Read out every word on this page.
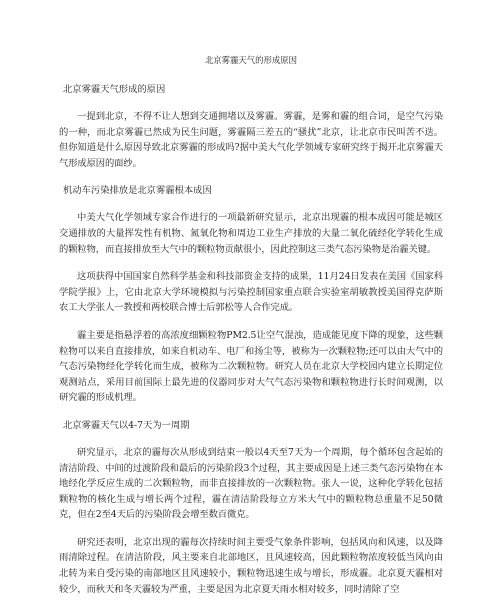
北京雾霾天气的形成原因
北京雾霾天气形成的原因

一提到北京，不得不让人想到交通拥堵以及雾霾。雾霾，是雾和霾的组合词，是空气污染的一种，而北京雾霾已然成为民生问题，雾霾隔三差五的“骚扰”北京，让北京市民叫苦不迭。但你知道是什么原因导致北京雾霾的形成吗?据中美大气化学领域专家研究终于揭开北京雾霾天气形成原因的面纱。

机动车污染排放是北京雾霾根本成因

中美大气化学领域专家合作进行的一项最新研究显示，北京出现霾的根本成因可能是城区交通排放的大量挥发性有机物、氮氧化物和周边工业生产排放的大量二氧化硫经化学转化生成的颗粒物，而直接排放至大气中的颗粒物贡献很小，因此控制这三类气态污染物是治霾关键。

这项获得中国国家自然科学基金和科技部资金支持的成果，11月24日发表在美国《国家科学院学报》上，它由北京大学环境模拟与污染控制国家重点联合实验室胡敏教授美国得克萨斯农工大学张人一教授和两校联合博士后郭松等人合作完成。

霾主要是指悬浮着的高浓度细颗粒物PM2.5让空气混浊，造成能见度下降的现象，这些颗粒物可以来自直接排放，如来自机动车、电厂和扬尘等，被称为一次颗粒物;还可以由大气中的气态污染物经化学转化而生成，被称为二次颗粒物。研究人员在北京大学校园内建立长期定位观测站点，采用目前国际上最先进的仪器同步对大气气态污染物和颗粒物进行长时间观测，以研究霾的形成机理。

北京雾霾天气以4-7天为一周期

研究显示，北京的霾每次从形成到结束一般以4天至7天为一个周期，每个循环包含起始的清洁阶段、中间的过渡阶段和最后的污染阶段3个过程，其主要成因是上述三类气态污染物在本地经化学反应生成的二次颗粒物，而非直接排放的一次颗粒物。张人一说，这种化学转化包括颗粒物的核化生成与增长两个过程，霾在清洁阶段每立方米大气中的颗粒物总重量不足50微克，但在2至4天后的污染阶段会增至数百微克。

研究还表明，北京出现的霾每次持续时间主要受气象条件影响，包括风向和风速，以及降雨清除过程。在清洁阶段，风主要来自北部地区，且风速较高，因此颗粒物浓度较低当风向由北转为来自受污染的南部地区且风速较小，颗粒物迅速生成与增长，形成霾。北京夏天霾相对较少，而秋天和冬天霾较为严重，主要是因为北京夏天雨水相对较多，同时清除了空
